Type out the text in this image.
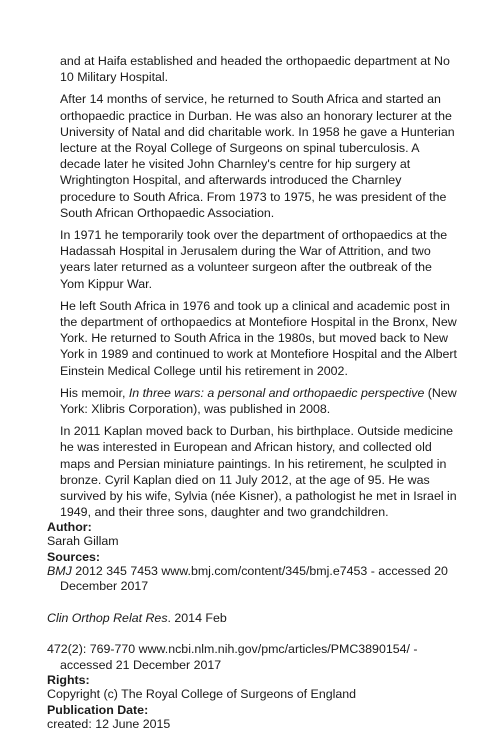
and at Haifa established and headed the orthopaedic department at No 10 Military Hospital.

After 14 months of service, he returned to South Africa and started an orthopaedic practice in Durban. He was also an honorary lecturer at the University of Natal and did charitable work. In 1958 he gave a Hunterian lecture at the Royal College of Surgeons on spinal tuberculosis. A decade later he visited John Charnley's centre for hip surgery at Wrightington Hospital, and afterwards introduced the Charnley procedure to South Africa. From 1973 to 1975, he was president of the South African Orthopaedic Association.

In 1971 he temporarily took over the department of orthopaedics at the Hadassah Hospital in Jerusalem during the War of Attrition, and two years later returned as a volunteer surgeon after the outbreak of the Yom Kippur War.

He left South Africa in 1976 and took up a clinical and academic post in the department of orthopaedics at Montefiore Hospital in the Bronx, New York. He returned to South Africa in the 1980s, but moved back to New York in 1989 and continued to work at Montefiore Hospital and the Albert Einstein Medical College until his retirement in 2002.

His memoir, In three wars: a personal and orthopaedic perspective (New York: Xlibris Corporation), was published in 2008.

In 2011 Kaplan moved back to Durban, his birthplace. Outside medicine he was interested in European and African history, and collected old maps and Persian miniature paintings. In his retirement, he sculpted in bronze. Cyril Kaplan died on 11 July 2012, at the age of 95. He was survived by his wife, Sylvia (née Kisner), a pathologist he met in Israel in 1949, and their three sons, daughter and two grandchildren.

Author:
Sarah Gillam
Sources:
BMJ 2012 345 7453 www.bmj.com/content/345/bmj.e7453 - accessed 20 December 2017
Clin Orthop Relat Res. 2014 Feb
472(2): 769-770 www.ncbi.nlm.nih.gov/pmc/articles/PMC3890154/ - accessed 21 December 2017
Rights:
Copyright (c) The Royal College of Surgeons of England
Publication Date:
created: 12 June 2015
